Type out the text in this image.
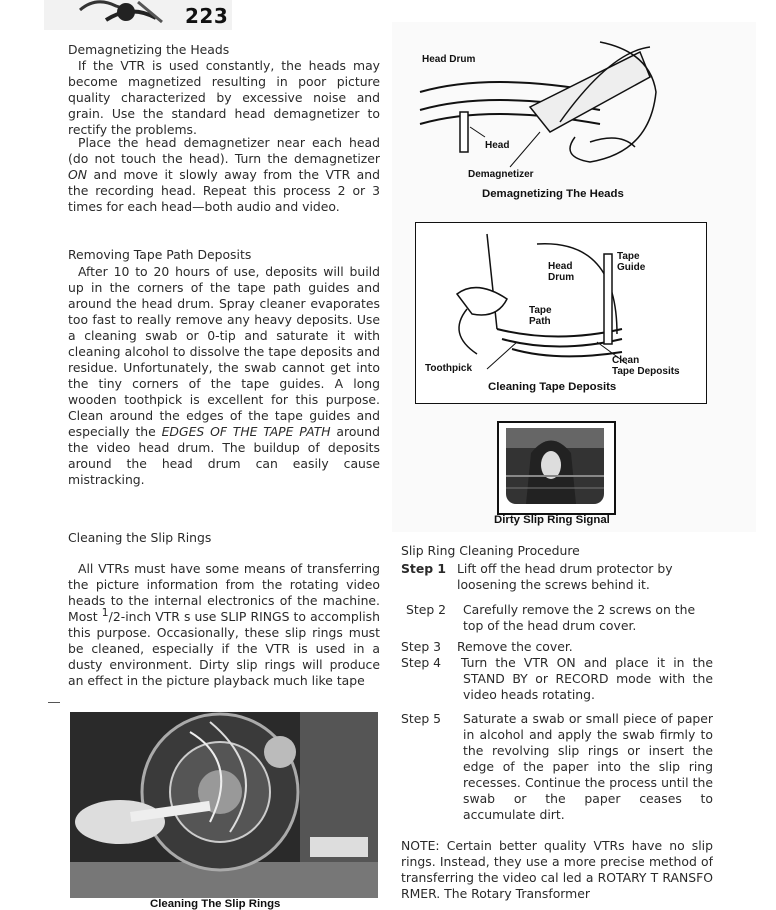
223
Demagnetizing the Heads
If the VTR is used constantly, the heads may become magnetized resulting in poor picture quality characterized by excessive noise and grain. Use the standard head demagnetizer to rectify the problems.
Place the head demagnetizer near each head (do not touch the head). Turn the demagnetizer ON and move it slowly away from the VTR and the recording head. Repeat this process 2 or 3 times for each head—both audio and video.
Removing Tape Path Deposits
After 10 to 20 hours of use, deposits will build up in the corners of the tape path guides and around the head drum. Spray cleaner evaporates too fast to really remove any heavy deposits. Use a cleaning swab or 0-tip and saturate it with cleaning alcohol to dissolve the tape deposits and residue. Unfortunately, the swab cannot get into the tiny corners of the tape guides. A long wooden toothpick is excellent for this purpose. Clean around the edges of the tape guides and especially the EDGES OF THE TAPE PATH around the video head drum. The buildup of deposits around the head drum can easily cause mistracking.
Cleaning the Slip Rings
All VTRs must have some means of transferring the picture information from the rotating video heads to the internal electronics of the machine. Most $^1$/2-inch VTR s use SLIP RINGS to accomplish this purpose. Occasionally, these slip rings must be cleaned, especially if the VTR is used in a dusty environment. Dirty slip rings will produce an effect in the picture playback much like tape
Cleaning The Slip Rings
Head Drum
Head
Demagnetizer
Demagnetizing The Heads
Head
Drum
Tape
Guide
Tape
Path
Toothpick
Clean
Tape Deposits
Cleaning Tape Deposits
Dirty Slip Ring Signal
Slip Ring Cleaning Procedure
Step 1 Lift off the head drum protector by loosening the screws behind it.
Step 2 Carefully remove the 2 screws on the top of the head drum cover.
Step 3 Remove the cover.
Step 4 Turn the VTR ON and place it in the STAND BY or RECORD mode with the video heads rotating.
Step 5 Saturate a swab or small piece of paper in alcohol and apply the swab firmly to the revolving slip rings or insert the edge of the paper into the slip ring recesses. Continue the process until the swab or the paper ceases to accumulate dirt.
NOTE: Certain better quality VTRs have no slip rings. Instead, they use a more precise method of transferring the video cal led a ROTARY T RANSFO RMER. The Rotary Transformer
